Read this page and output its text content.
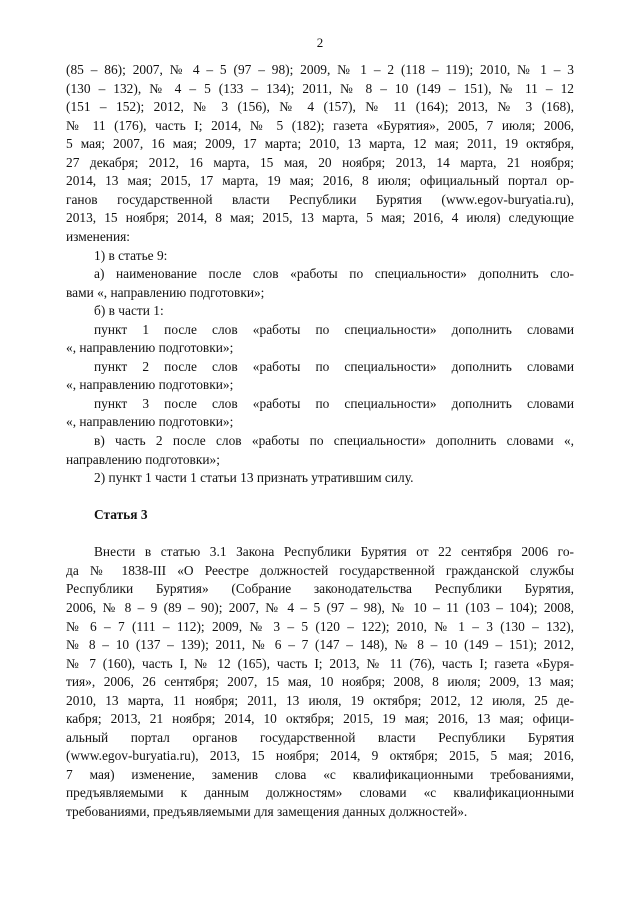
2
(85 – 86); 2007, № 4 – 5 (97 – 98); 2009, № 1 – 2 (118 – 119); 2010, № 1 – 3
(130 – 132), № 4 – 5 (133 – 134); 2011, № 8 – 10 (149 – 151), № 11 – 12
(151 – 152); 2012, № 3 (156), № 4 (157), № 11 (164); 2013, № 3 (168),
№ 11 (176), часть I; 2014, № 5 (182); газета «Бурятия», 2005, 7 июля; 2006,
5 мая; 2007, 16 мая; 2009, 17 марта; 2010, 13 марта, 12 мая; 2011, 19 октября,
27 декабря; 2012, 16 марта, 15 мая, 20 ноября; 2013, 14 марта, 21 ноября;
2014, 13 мая; 2015, 17 марта, 19 мая; 2016, 8 июля; официальный портал ор-
ганов государственной власти Республики Бурятия (www.egov-buryatia.ru),
2013, 15 ноября; 2014, 8 мая; 2015, 13 марта, 5 мая; 2016, 4 июля) следующие
изменения:
1) в статье 9:
а) наименование после слов «работы по специальности» дополнить сло-
вами «, направлению подготовки»;
б) в части 1:
пункт 1 после слов «работы по специальности» дополнить словами
«, направлению подготовки»;
пункт 2 после слов «работы по специальности» дополнить словами
«, направлению подготовки»;
пункт 3 после слов «работы по специальности» дополнить словами
«, направлению подготовки»;
в) часть 2 после слов «работы по специальности» дополнить словами «,
направлению подготовки»;
2) пункт 1 части 1 статьи 13 признать утратившим силу.
Статья 3
Внести в статью 3.1 Закона Республики Бурятия от 22 сентября 2006 го-
да № 1838-III «О Реестре должностей государственной гражданской службы
Республики Бурятия» (Собрание законодательства Республики Бурятия,
2006, № 8 – 9 (89 – 90); 2007, № 4 – 5 (97 – 98), № 10 – 11 (103 – 104); 2008,
№ 6 – 7 (111 – 112); 2009, № 3 – 5 (120 – 122); 2010, № 1 – 3 (130 – 132),
№ 8 – 10 (137 – 139); 2011, № 6 – 7 (147 – 148), № 8 – 10 (149 – 151); 2012,
№ 7 (160), часть I, № 12 (165), часть I; 2013, № 11 (76), часть I; газета «Буря-
тия», 2006, 26 сентября; 2007, 15 мая, 10 ноября; 2008, 8 июля; 2009, 13 мая;
2010, 13 марта, 11 ноября; 2011, 13 июля, 19 октября; 2012, 12 июля, 25 де-
кабря; 2013, 21 ноября; 2014, 10 октября; 2015, 19 мая; 2016, 13 мая; офици-
альный портал органов государственной власти Республики Бурятия
(www.egov-buryatia.ru), 2013, 15 ноября; 2014, 9 октября; 2015, 5 мая; 2016,
7 мая) изменение, заменив слова «с квалификационными требованиями,
предъявляемыми к данным должностям» словами «с квалификационными
требованиями, предъявляемыми для замещения данных должностей».
